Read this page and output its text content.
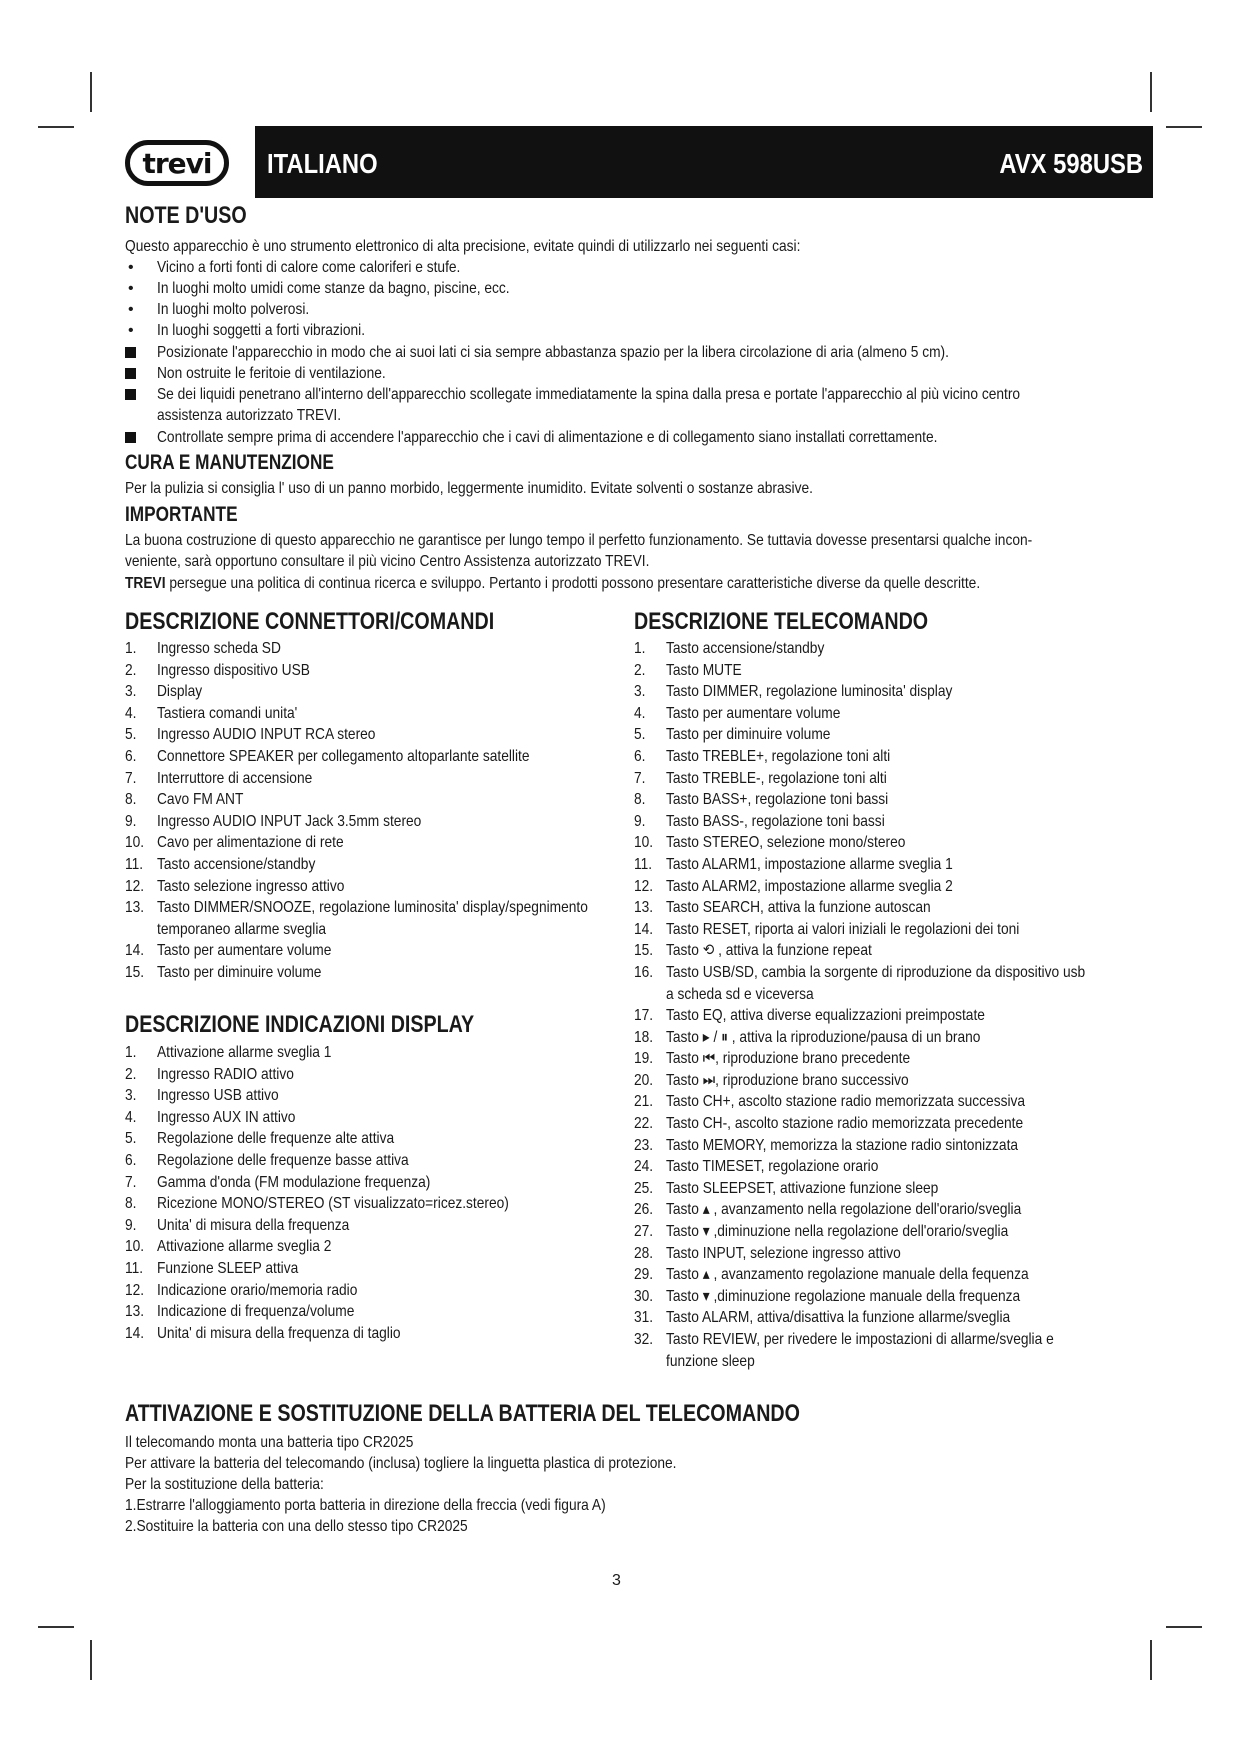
trevi	ITALIANO	AVX 598USB
NOTE D'USO
Questo apparecchio è uno strumento elettronico di alta precisione, evitate quindi di utilizzarlo nei seguenti casi:
• Vicino a forti fonti di calore come caloriferi e stufe.
• In luoghi molto umidi come stanze da bagno, piscine, ecc.
• In luoghi molto polverosi.
• In luoghi soggetti a forti vibrazioni.
Posizionate l'apparecchio in modo che ai suoi lati ci sia sempre abbastanza spazio per la libera circolazione di aria (almeno 5 cm).
Non ostruite le feritoie di ventilazione.
Se dei liquidi penetrano all'interno dell'apparecchio scollegate immediatamente la spina dalla presa e portate l'apparecchio al più vicino centro
assistenza autorizzato TREVI.
Controllate sempre prima di accendere l'apparecchio che i cavi di alimentazione e di collegamento siano installati correttamente.
CURA E MANUTENZIONE
Per la pulizia si consiglia l' uso di un panno morbido, leggermente inumidito. Evitate solventi o sostanze abrasive.
IMPORTANTE
La buona costruzione di questo apparecchio ne garantisce per lungo tempo il perfetto funzionamento. Se tuttavia dovesse presentarsi qualche incon-
veniente, sarà opportuno consultare il più vicino Centro Assistenza autorizzato TREVI.
TREVI persegue una politica di continua ricerca e sviluppo. Pertanto i prodotti possono presentare caratteristiche diverse da quelle descritte.
DESCRIZIONE CONNETTORI/COMANDI
1. Ingresso scheda SD
2. Ingresso dispositivo USB
3. Display
4. Tastiera comandi unita'
5. Ingresso AUDIO INPUT RCA stereo
6. Connettore SPEAKER per collegamento altoparlante satellite
7. Interruttore di accensione
8. Cavo FM ANT
9. Ingresso AUDIO INPUT Jack 3.5mm stereo
10. Cavo per alimentazione di rete
11. Tasto accensione/standby
12. Tasto selezione ingresso attivo
13. Tasto DIMMER/SNOOZE, regolazione luminosita' display/spegnimento
temporaneo allarme sveglia
14. Tasto per aumentare volume
15. Tasto per diminuire volume
DESCRIZIONE INDICAZIONI DISPLAY
1. Attivazione allarme sveglia 1
2. Ingresso RADIO attivo
3. Ingresso USB attivo
4. Ingresso AUX IN attivo
5. Regolazione delle frequenze alte attiva
6. Regolazione delle frequenze basse attiva
7. Gamma d'onda (FM modulazione frequenza)
8. Ricezione MONO/STEREO (ST visualizzato=ricez.stereo)
9. Unita' di misura della frequenza
10. Attivazione allarme sveglia 2
11. Funzione SLEEP attiva
12. Indicazione orario/memoria radio
13. Indicazione di frequenza/volume
14. Unita' di misura della frequenza di taglio
DESCRIZIONE TELECOMANDO
1. Tasto accensione/standby
2. Tasto MUTE
3. Tasto DIMMER, regolazione luminosita' display
4. Tasto per aumentare volume
5. Tasto per diminuire volume
6. Tasto TREBLE+, regolazione toni alti
7. Tasto TREBLE-, regolazione toni alti
8. Tasto BASS+, regolazione toni bassi
9. Tasto BASS-, regolazione toni bassi
10. Tasto STEREO, selezione mono/stereo
11. Tasto ALARM1, impostazione allarme sveglia 1
12. Tasto ALARM2, impostazione allarme sveglia 2
13. Tasto SEARCH, attiva la funzione autoscan
14. Tasto RESET, riporta ai valori iniziali le regolazioni dei toni
15. Tasto ⟲ , attiva la funzione repeat
16. Tasto USB/SD, cambia la sorgente di riproduzione da dispositivo usb
a scheda sd e viceversa
17. Tasto EQ, attiva diverse equalizzazioni preimpostate
18. Tasto ▸ / ⏸ , attiva la riproduzione/pausa di un brano
19. Tasto ⏮, riproduzione brano precedente
20. Tasto ⏭, riproduzione brano successivo
21. Tasto CH+, ascolto stazione radio memorizzata successiva
22. Tasto CH-, ascolto stazione radio memorizzata precedente
23. Tasto MEMORY, memorizza la stazione radio sintonizzata
24. Tasto TIMESET, regolazione orario
25. Tasto SLEEPSET, attivazione funzione sleep
26. Tasto ▴ , avanzamento nella regolazione dell'orario/sveglia
27. Tasto ▾ ,diminuzione nella regolazione dell'orario/sveglia
28. Tasto INPUT, selezione ingresso attivo
29. Tasto ▴ , avanzamento regolazione manuale della fequenza
30. Tasto ▾ ,diminuzione regolazione manuale della frequenza
31. Tasto ALARM, attiva/disattiva la funzione allarme/sveglia
32. Tasto REVIEW, per rivedere le impostazioni di allarme/sveglia e
funzione sleep
ATTIVAZIONE E SOSTITUZIONE DELLA BATTERIA DEL TELECOMANDO
Il telecomando monta una batteria tipo CR2025
Per attivare la batteria del telecomando (inclusa) togliere la linguetta plastica di protezione.
Per la sostituzione della batteria:
1.Estrarre l'alloggiamento porta batteria in direzione della freccia (vedi figura A)
2.Sostituire la batteria con una dello stesso tipo CR2025
3
